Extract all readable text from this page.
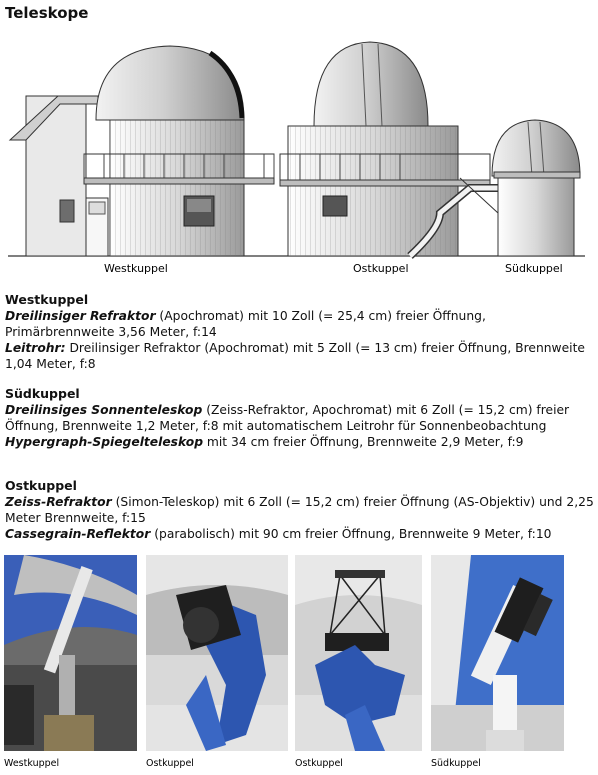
Teleskope
Westkuppel	Ostkuppel	Südkuppel
Westkuppel

Dreilinsiger Refraktor (Apochromat) mit 10 Zoll (= 25,4 cm) freier Öffnung, Primärbrennweite 3,56 Meter, f:14

Leitrohr: Dreilinsiger Refraktor (Apochromat) mit 5 Zoll (= 13 cm) freier Öffnung, Brennweite 1,04 Meter, f:8

Südkuppel

Dreilinsiges Sonnenteleskop (Zeiss-Refraktor, Apochromat) mit 6 Zoll (= 15,2 cm) freier Öffnung, Brennweite 1,2 Meter, f:8 mit automatischem Leitrohr für Sonnenbeobachtung

Hypergraph-Spiegelteleskop mit 34 cm freier Öffnung, Brennweite 2,9 Meter, f:9

Ostkuppel

Zeiss-Refraktor (Simon-Teleskop) mit 6 Zoll (= 15,2 cm) freier Öffnung (AS-Objektiv) und 2,25 Meter Brennweite, f:15

Cassegrain-Reflektor (parabolisch) mit 90 cm freier Öffnung, Brennweite 9 Meter, f:10

Westkuppel	Ostkuppel	Ostkuppel	Südkuppel
